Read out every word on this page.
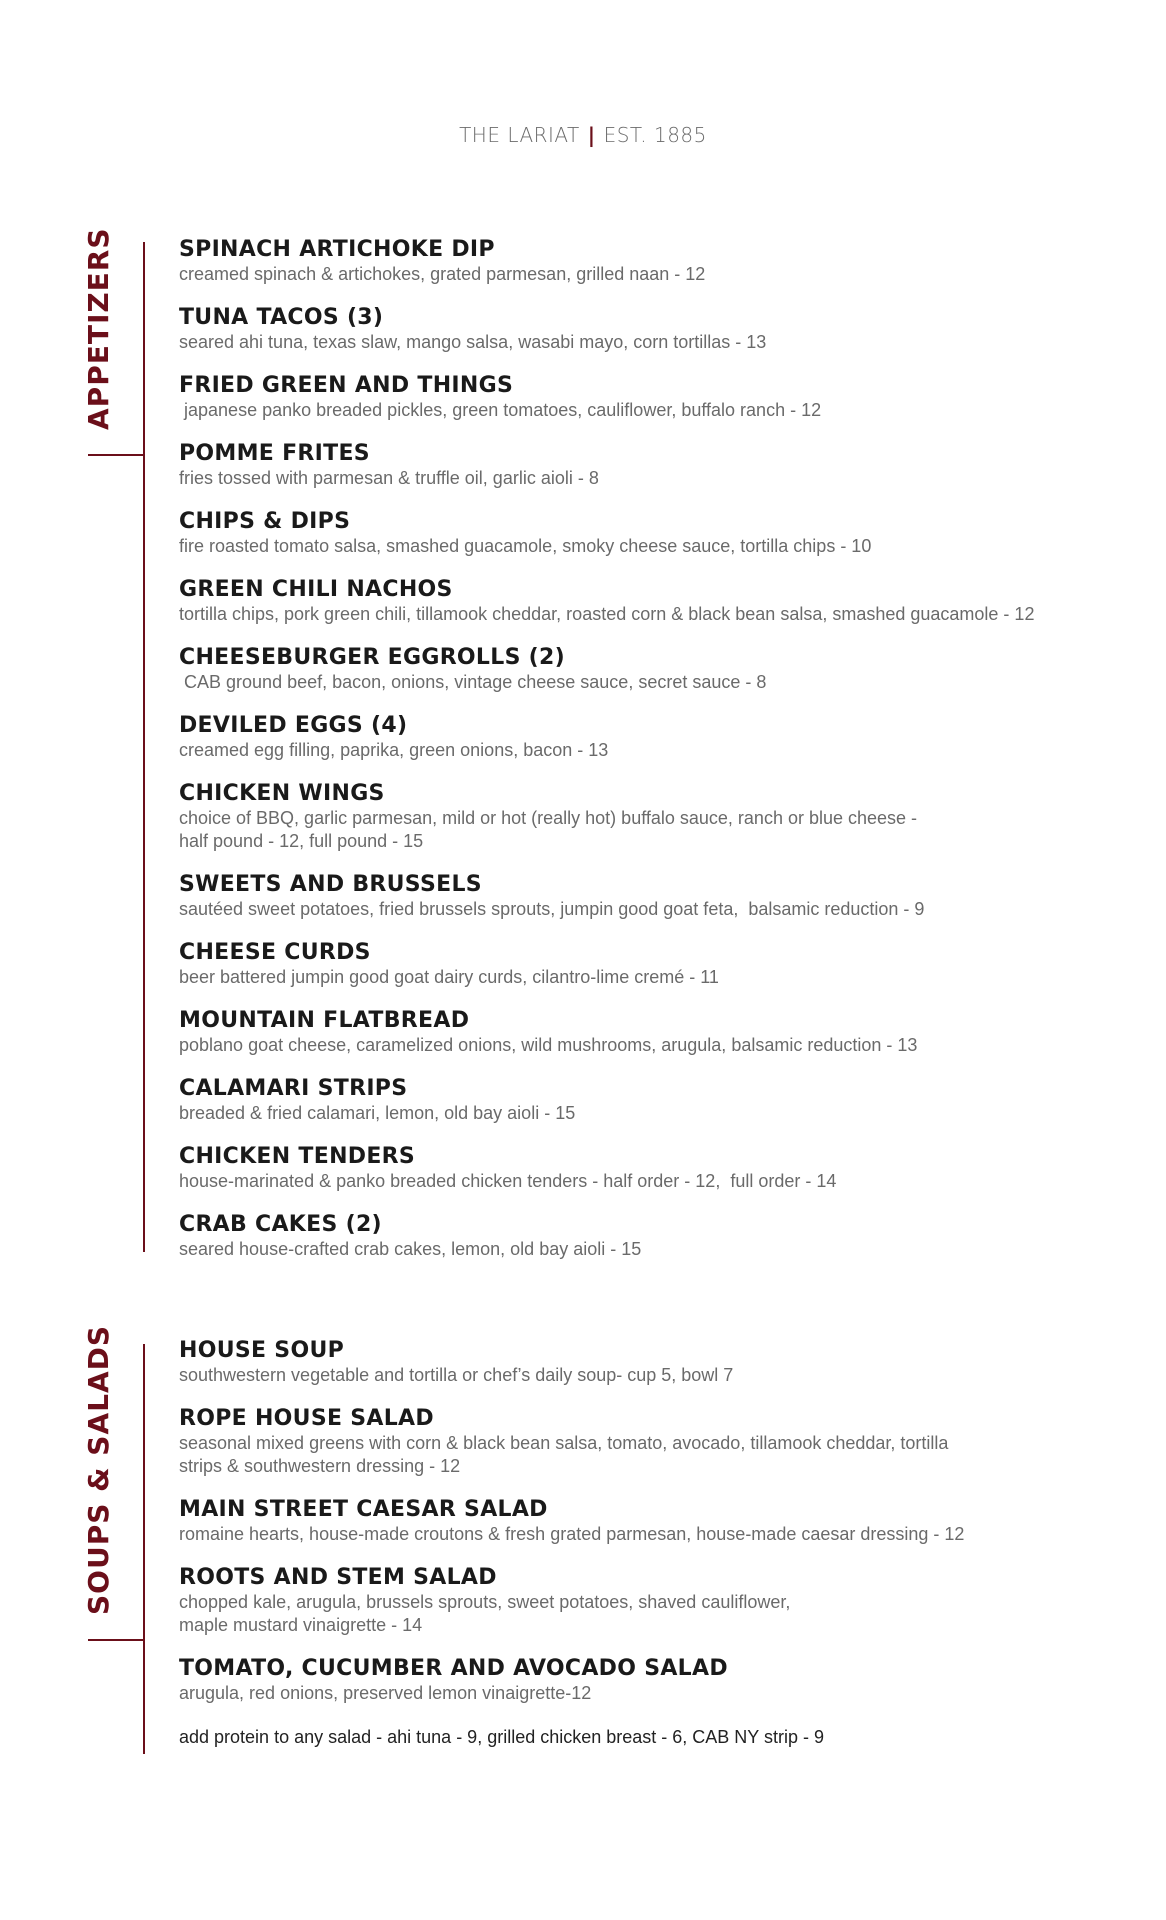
THE LARIAT | EST. 1885
APPETIZERS	SPINACH ARTICHOKE DIP
creamed spinach & artichokes, grated parmesan, grilled naan - 12
TUNA TACOS (3)
seared ahi tuna, texas slaw, mango salsa, wasabi mayo, corn tortillas - 13
FRIED GREEN AND THINGS
japanese panko breaded pickles, green tomatoes, cauliflower, buffalo ranch - 12
POMME FRITES
fries tossed with parmesan & truffle oil, garlic aioli - 8
CHIPS & DIPS
fire roasted tomato salsa, smashed guacamole, smoky cheese sauce, tortilla chips - 10
GREEN CHILI NACHOS
tortilla chips, pork green chili, tillamook cheddar, roasted corn & black bean salsa, smashed guacamole - 12
CHEESEBURGER EGGROLLS (2)
CAB ground beef, bacon, onions, vintage cheese sauce, secret sauce - 8
DEVILED EGGS (4)
creamed egg filling, paprika, green onions, bacon - 13
CHICKEN WINGS
choice of BBQ, garlic parmesan, mild or hot (really hot) buffalo sauce, ranch or blue cheese -
half pound - 12, full pound - 15
SWEETS AND BRUSSELS
sautéed sweet potatoes, fried brussels sprouts, jumpin good goat feta,  balsamic reduction - 9
CHEESE CURDS
beer battered jumpin good goat dairy curds, cilantro-lime cremé - 11
MOUNTAIN FLATBREAD
poblano goat cheese, caramelized onions, wild mushrooms, arugula, balsamic reduction - 13
CALAMARI STRIPS
breaded & fried calamari, lemon, old bay aioli - 15
CHICKEN TENDERS
house-marinated & panko breaded chicken tenders - half order - 12,  full order - 14
CRAB CAKES (2)
seared house-crafted crab cakes, lemon, old bay aioli - 15
SOUPS & SALADS	HOUSE SOUP
southwestern vegetable and tortilla or chef’s daily soup- cup 5, bowl 7
ROPE HOUSE SALAD
seasonal mixed greens with corn & black bean salsa, tomato, avocado, tillamook cheddar, tortilla
strips & southwestern dressing - 12
MAIN STREET CAESAR SALAD
romaine hearts, house-made croutons & fresh grated parmesan, house-made caesar dressing - 12
ROOTS AND STEM SALAD
chopped kale, arugula, brussels sprouts, sweet potatoes, shaved cauliflower,
maple mustard vinaigrette - 14
TOMATO, CUCUMBER AND AVOCADO SALAD
arugula, red onions, preserved lemon vinaigrette-12
add protein to any salad - ahi tuna - 9, grilled chicken breast - 6, CAB NY strip - 9
